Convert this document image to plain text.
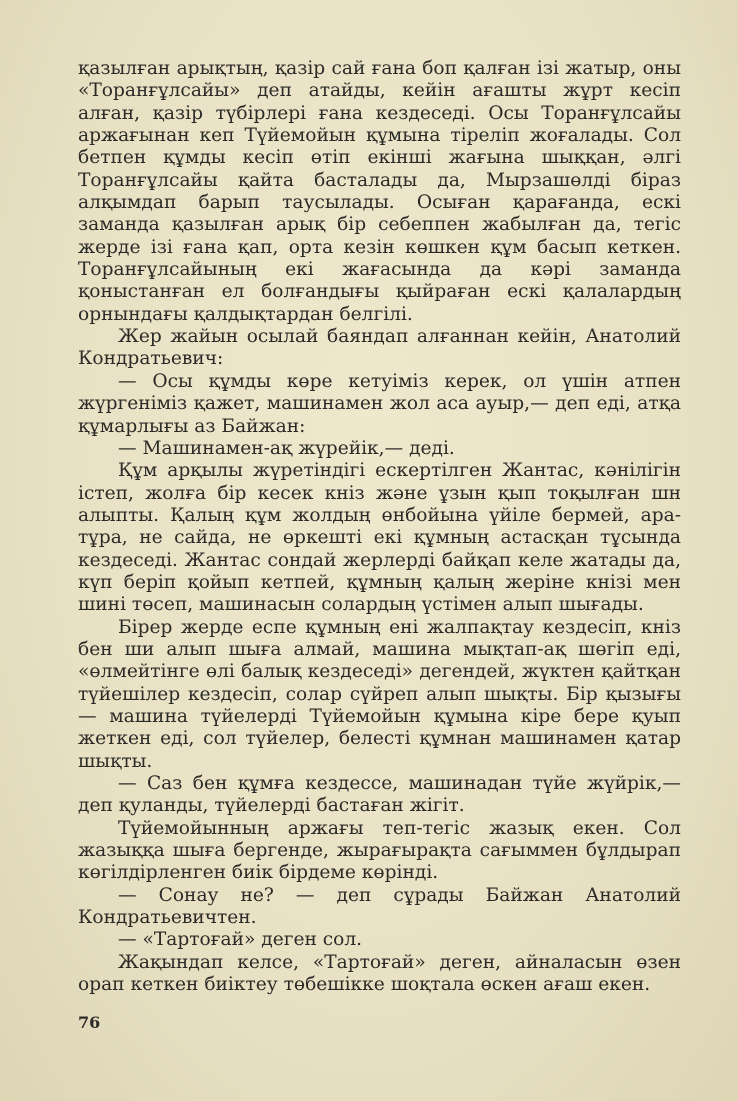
қазылған арықтың, қазір сай ғана боп қалған ізі жатыр, оны «Торанғұлсайы» деп атайды, кейін ағашты жұрт кесіп алған, қазір түбірлері ғана кездеседі. Осы Торанғұлсайы аржағынан кеп Түйемойын құмына тіреліп жоғалады. Сол бетпен құмды кесіп өтіп екінші жағына шыққан, әлгі Торанғұлсайы қайта басталады да, Мырзашөлді біраз алқымдап барып таусылады. Осыған қарағанда, ескі заманда қазылған арық бір себеппен жабылған да, тегіс жерде ізі ғана қап, орта кезін көшкен құм басып кеткен. Торанғұлсайының екі жағасында да кәрі заманда қоныстанған ел болғандығы қыйраған ескі қалалардың орнындағы қалдықтардан белгілі.

Жер жайын осылай баяндап алғаннан кейін, Анатолий Кондратьевич:

— Осы құмды көре кетуіміз керек, ол үшін атпен жүргеніміз қажет, машинамен жол аса ауыр,— деп еді, атқа құмарлығы аз Байжан:

— Машинамен-ақ жүрейік,— деді.

Құм арқылы жүретіндігі ескертілген Жантас, кәнілігін істеп, жолға бір кесек кніз және ұзын қып тоқылған шн алыпты. Қалың құм жолдың өнбойына үйіле бермей, ара-тұра, не сайда, не өркешті екі құмның астасқан тұсында кездеседі. Жантас сондай жерлерді байқап келе жатады да, күп беріп қойып кетпей, құмның қалың жеріне кнізі мен шині төсеп, машинасын солардың үстімен алып шығады.

Бірер жерде еспе құмның ені жалпақтау кездесіп, кніз бен ши алып шыға алмай, машина мықтап-ақ шөгіп еді, «өлмейтінге өлі балық кездеседі» дегендей, жүктен қайтқан түйешілер кездесіп, солар сүйреп алып шықты. Бір қызығы — машина түйелерді Түйемойын құмына кіре бере қуып жеткен еді, сол түйелер, белесті құмнан машинамен қатар шықты.

— Саз бен құмға кездессе, машинадан түйе жүйрік,— деп қуланды, түйелерді бастаған жігіт.

Түйемойынның аржағы теп-тегіс жазық екен. Сол жазыққа шыға бергенде, жырағырақта сағыммен бұлдырап көгілдірленген биік бірдеме көрінді.

— Сонау не? — деп сұрады Байжан Анатолий Кондратьевичтен.

— «Тартоғай» деген сол.

Жақындап келсе, «Тартоғай» деген, айналасын өзен орап кеткен биіктеу төбешікке шоқтала өскен ағаш екен.

76
